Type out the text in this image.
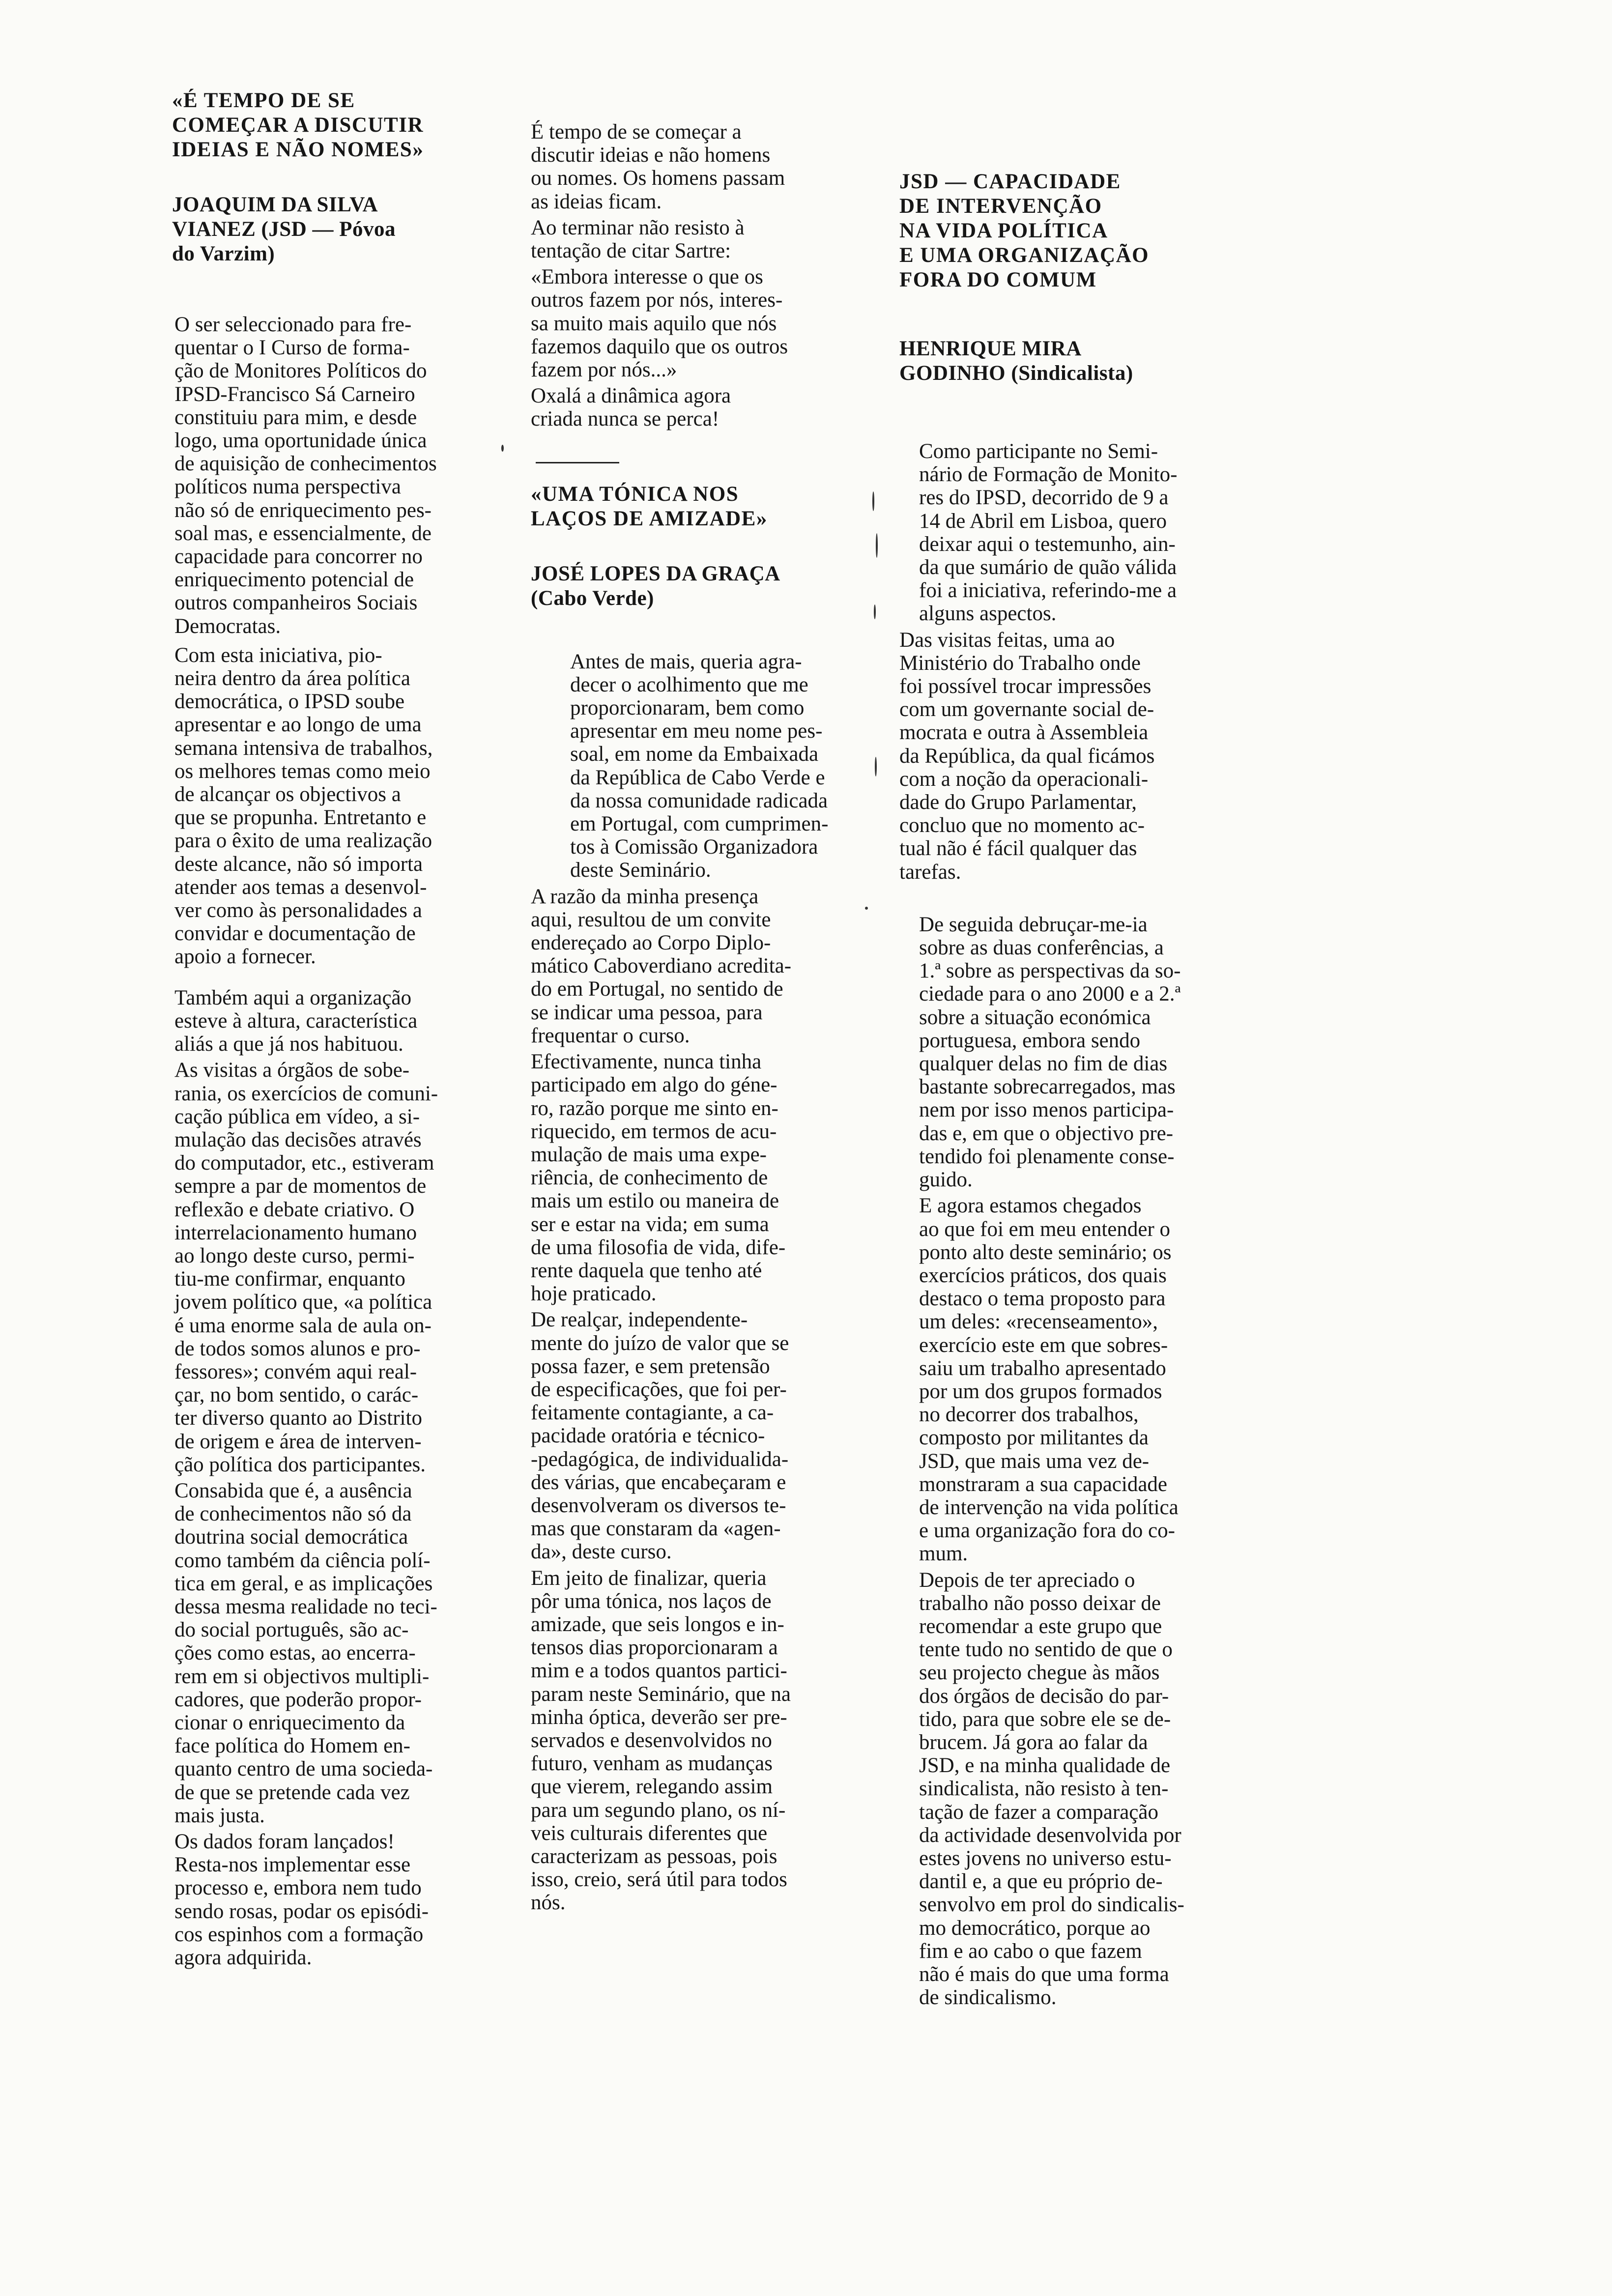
«É TEMPO DE SE
COMEÇAR A DISCUTIR
IDEIAS E NÃO NOMES»
JOAQUIM DA SILVA
VIANEZ (JSD — Póvoa
do Varzim)

O ser seleccionado para fre-
quentar o I Curso de forma-
ção de Monitores Políticos do
IPSD-Francisco Sá Carneiro
constituiu para mim, e desde
logo, uma oportunidade única
de aquisição de conhecimentos
políticos numa perspectiva
não só de enriquecimento pes-
soal mas, e essencialmente, de
capacidade para concorrer no
enriquecimento potencial de
outros companheiros Sociais
Democratas.

Com esta iniciativa, pio-
neira dentro da área política
democrática, o IPSD soube
apresentar e ao longo de uma
semana intensiva de trabalhos,
os melhores temas como meio
de alcançar os objectivos a
que se propunha. Entretanto e
para o êxito de uma realização
deste alcance, não só importa
atender aos temas a desenvol-
ver como às personalidades a
convidar e documentação de
apoio a fornecer.

Também aqui a organização
esteve à altura, característica
aliás a que já nos habituou.

As visitas a órgãos de sobe-
rania, os exercícios de comuni-
cação pública em vídeo, a si-
mulação das decisões através
do computador, etc., estiveram
sempre a par de momentos de
reflexão e debate criativo. O
interrelacionamento humano
ao longo deste curso, permi-
tiu-me confirmar, enquanto
jovem político que, «a política
é uma enorme sala de aula on-
de todos somos alunos e pro-
fessores»; convém aqui real-
çar, no bom sentido, o carác-
ter diverso quanto ao Distrito
de origem e área de interven-
ção política dos participantes.

Consabida que é, a ausência
de conhecimentos não só da
doutrina social democrática
como também da ciência polí-
tica em geral, e as implicações
dessa mesma realidade no teci-
do social português, são ac-
ções como estas, ao encerra-
rem em si objectivos multipli-
cadores, que poderão propor-
cionar o enriquecimento da
face política do Homem en-
quanto centro de uma socieda-
de que se pretende cada vez
mais justa.

Os dados foram lançados!
Resta-nos implementar esse
processo e, embora nem tudo
sendo rosas, podar os episódi-
cos espinhos com a formação
agora adquirida.

É tempo de se começar a
discutir ideias e não homens
ou nomes. Os homens passam
as ideias ficam.

Ao terminar não resisto à
tentação de citar Sartre:

«Embora interesse o que os
outros fazem por nós, interes-
sa muito mais aquilo que nós
fazemos daquilo que os outros
fazem por nós...»

Oxalá a dinâmica agora
criada nunca se perca!

«UMA TÓNICA NOS
LAÇOS DE AMIZADE»
JOSÉ LOPES DA GRAÇA
(Cabo Verde)

Antes de mais, queria agra-
decer o acolhimento que me
proporcionaram, bem como
apresentar em meu nome pes-
soal, em nome da Embaixada
da República de Cabo Verde e
da nossa comunidade radicada
em Portugal, com cumprimen-
tos à Comissão Organizadora
deste Seminário.

A razão da minha presença
aqui, resultou de um convite
endereçado ao Corpo Diplo-
mático Caboverdiano acredita-
do em Portugal, no sentido de
se indicar uma pessoa, para
frequentar o curso.

Efectivamente, nunca tinha
participado em algo do géne-
ro, razão porque me sinto en-
riquecido, em termos de acu-
mulação de mais uma expe-
riência, de conhecimento de
mais um estilo ou maneira de
ser e estar na vida; em suma
de uma filosofia de vida, dife-
rente daquela que tenho até
hoje praticado.

De realçar, independente-
mente do juízo de valor que se
possa fazer, e sem pretensão
de especificações, que foi per-
feitamente contagiante, a ca-
pacidade oratória e técnico-
-pedagógica, de individualida-
des várias, que encabeçaram e
desenvolveram os diversos te-
mas que constaram da «agen-
da», deste curso.

Em jeito de finalizar, queria
pôr uma tónica, nos laços de
amizade, que seis longos e in-
tensos dias proporcionaram a
mim e a todos quantos partici-
param neste Seminário, que na
minha óptica, deverão ser pre-
servados e desenvolvidos no
futuro, venham as mudanças
que vierem, relegando assim
para um segundo plano, os ní-
veis culturais diferentes que
caracterizam as pessoas, pois
isso, creio, será útil para todos
nós.

JSD — CAPACIDADE
DE INTERVENÇÃO
NA VIDA POLÍTICA
E UMA ORGANIZAÇÃO
FORA DO COMUM
HENRIQUE MIRA
GODINHO (Sindicalista)

Como participante no Semi-
nário de Formação de Monito-
res do IPSD, decorrido de 9 a
14 de Abril em Lisboa, quero
deixar aqui o testemunho, ain-
da que sumário de quão válida
foi a iniciativa, referindo-me a
alguns aspectos.

Das visitas feitas, uma ao
Ministério do Trabalho onde
foi possível trocar impressões
com um governante social de-
mocrata e outra à Assembleia
da República, da qual ficámos
com a noção da operacionali-
dade do Grupo Parlamentar,
concluo que no momento ac-
tual não é fácil qualquer das
tarefas.

De seguida debruçar-me-ia
sobre as duas conferências, a
1.ª sobre as perspectivas da so-
ciedade para o ano 2000 e a 2.ª
sobre a situação económica
portuguesa, embora sendo
qualquer delas no fim de dias
bastante sobrecarregados, mas
nem por isso menos participa-
das e, em que o objectivo pre-
tendido foi plenamente conse-
guido.

E agora estamos chegados
ao que foi em meu entender o
ponto alto deste seminário; os
exercícios práticos, dos quais
destaco o tema proposto para
um deles: «recenseamento»,
exercício este em que sobres-
saiu um trabalho apresentado
por um dos grupos formados
no decorrer dos trabalhos,
composto por militantes da
JSD, que mais uma vez de-
monstraram a sua capacidade
de intervenção na vida política
e uma organização fora do co-
mum.

Depois de ter apreciado o
trabalho não posso deixar de
recomendar a este grupo que
tente tudo no sentido de que o
seu projecto chegue às mãos
dos órgãos de decisão do par-
tido, para que sobre ele se de-
brucem. Já gora ao falar da
JSD, e na minha qualidade de
sindicalista, não resisto à ten-
tação de fazer a comparação
da actividade desenvolvida por
estes jovens no universo estu-
dantil e, a que eu próprio de-
senvolvo em prol do sindicalis-
mo democrático, porque ao
fim e ao cabo o que fazem
não é mais do que uma forma
de sindicalismo.
